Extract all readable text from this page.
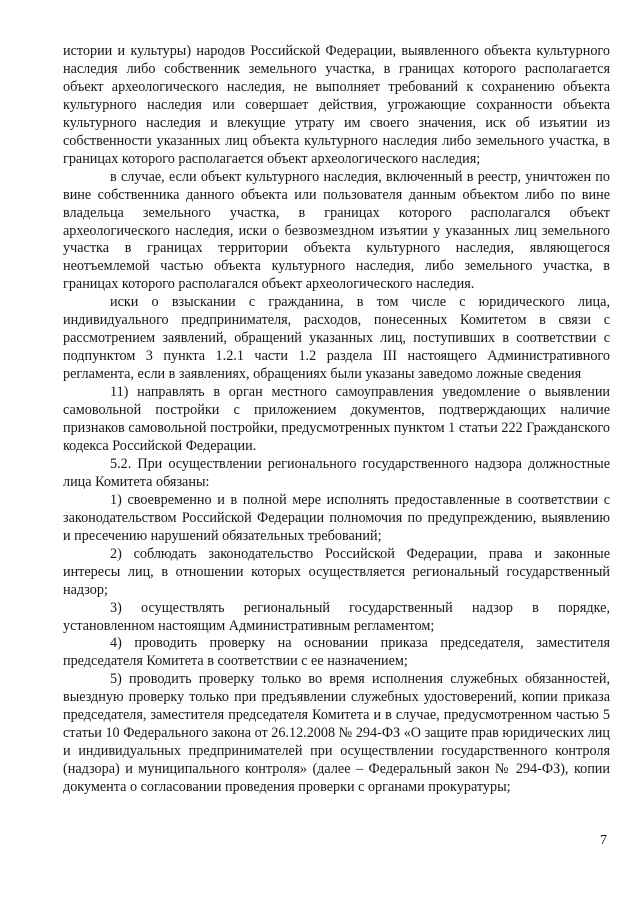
истории и культуры) народов Российской Федерации, выявленного объекта культурного наследия либо собственник земельного участка, в границах которого располагается объект археологического наследия, не выполняет требований к сохранению объекта культурного наследия или совершает действия, угрожающие сохранности объекта культурного наследия и влекущие утрату им своего значения, иск об изъятии из собственности указанных лиц объекта культурного наследия либо земельного участка, в границах которого располагается объект археологического наследия;

в случае, если объект культурного наследия, включенный в реестр, уничтожен по вине собственника данного объекта или пользователя данным объектом либо по вине владельца земельного участка, в границах которого располагался объект археологического наследия, иски о безвозмездном изъятии у указанных лиц земельного участка в границах территории объекта культурного наследия, являющегося неотъемлемой частью объекта культурного наследия, либо земельного участка, в границах которого располагался объект археологического наследия.

иски о взыскании с гражданина, в том числе с юридического лица, индивидуального предпринимателя, расходов, понесенных Комитетом в связи с рассмотрением заявлений, обращений указанных лиц, поступивших в соответствии с подпунктом 3 пункта 1.2.1 части 1.2 раздела III настоящего Административного регламента, если в заявлениях, обращениях были указаны заведомо ложные сведения

11) направлять в орган местного самоуправления уведомление о выявлении самовольной постройки с приложением документов, подтверждающих наличие признаков самовольной постройки, предусмотренных пунктом 1 статьи 222 Гражданского кодекса Российской Федерации.

5.2. При осуществлении регионального государственного надзора должностные лица Комитета обязаны:

1) своевременно и в полной мере исполнять предоставленные в соответствии с законодательством Российской Федерации полномочия по предупреждению, выявлению и пресечению нарушений обязательных требований;

2) соблюдать законодательство Российской Федерации, права и законные интересы лиц, в отношении которых осуществляется региональный государственный надзор;

3) осуществлять региональный государственный надзор в порядке, установленном настоящим Административным регламентом;

4) проводить проверку на основании приказа председателя, заместителя председателя Комитета в соответствии с ее назначением;

5) проводить проверку только во время исполнения служебных обязанностей, выездную проверку только при предъявлении служебных удостоверений, копии приказа председателя, заместителя председателя Комитета и в случае, предусмотренном частью 5 статьи 10 Федерального закона от 26.12.2008 № 294-ФЗ «О защите прав юридических лиц и индивидуальных предпринимателей при осуществлении государственного контроля (надзора) и муниципального контроля» (далее – Федеральный закон № 294-ФЗ), копии документа о согласовании проведения проверки с органами прокуратуры;

7
